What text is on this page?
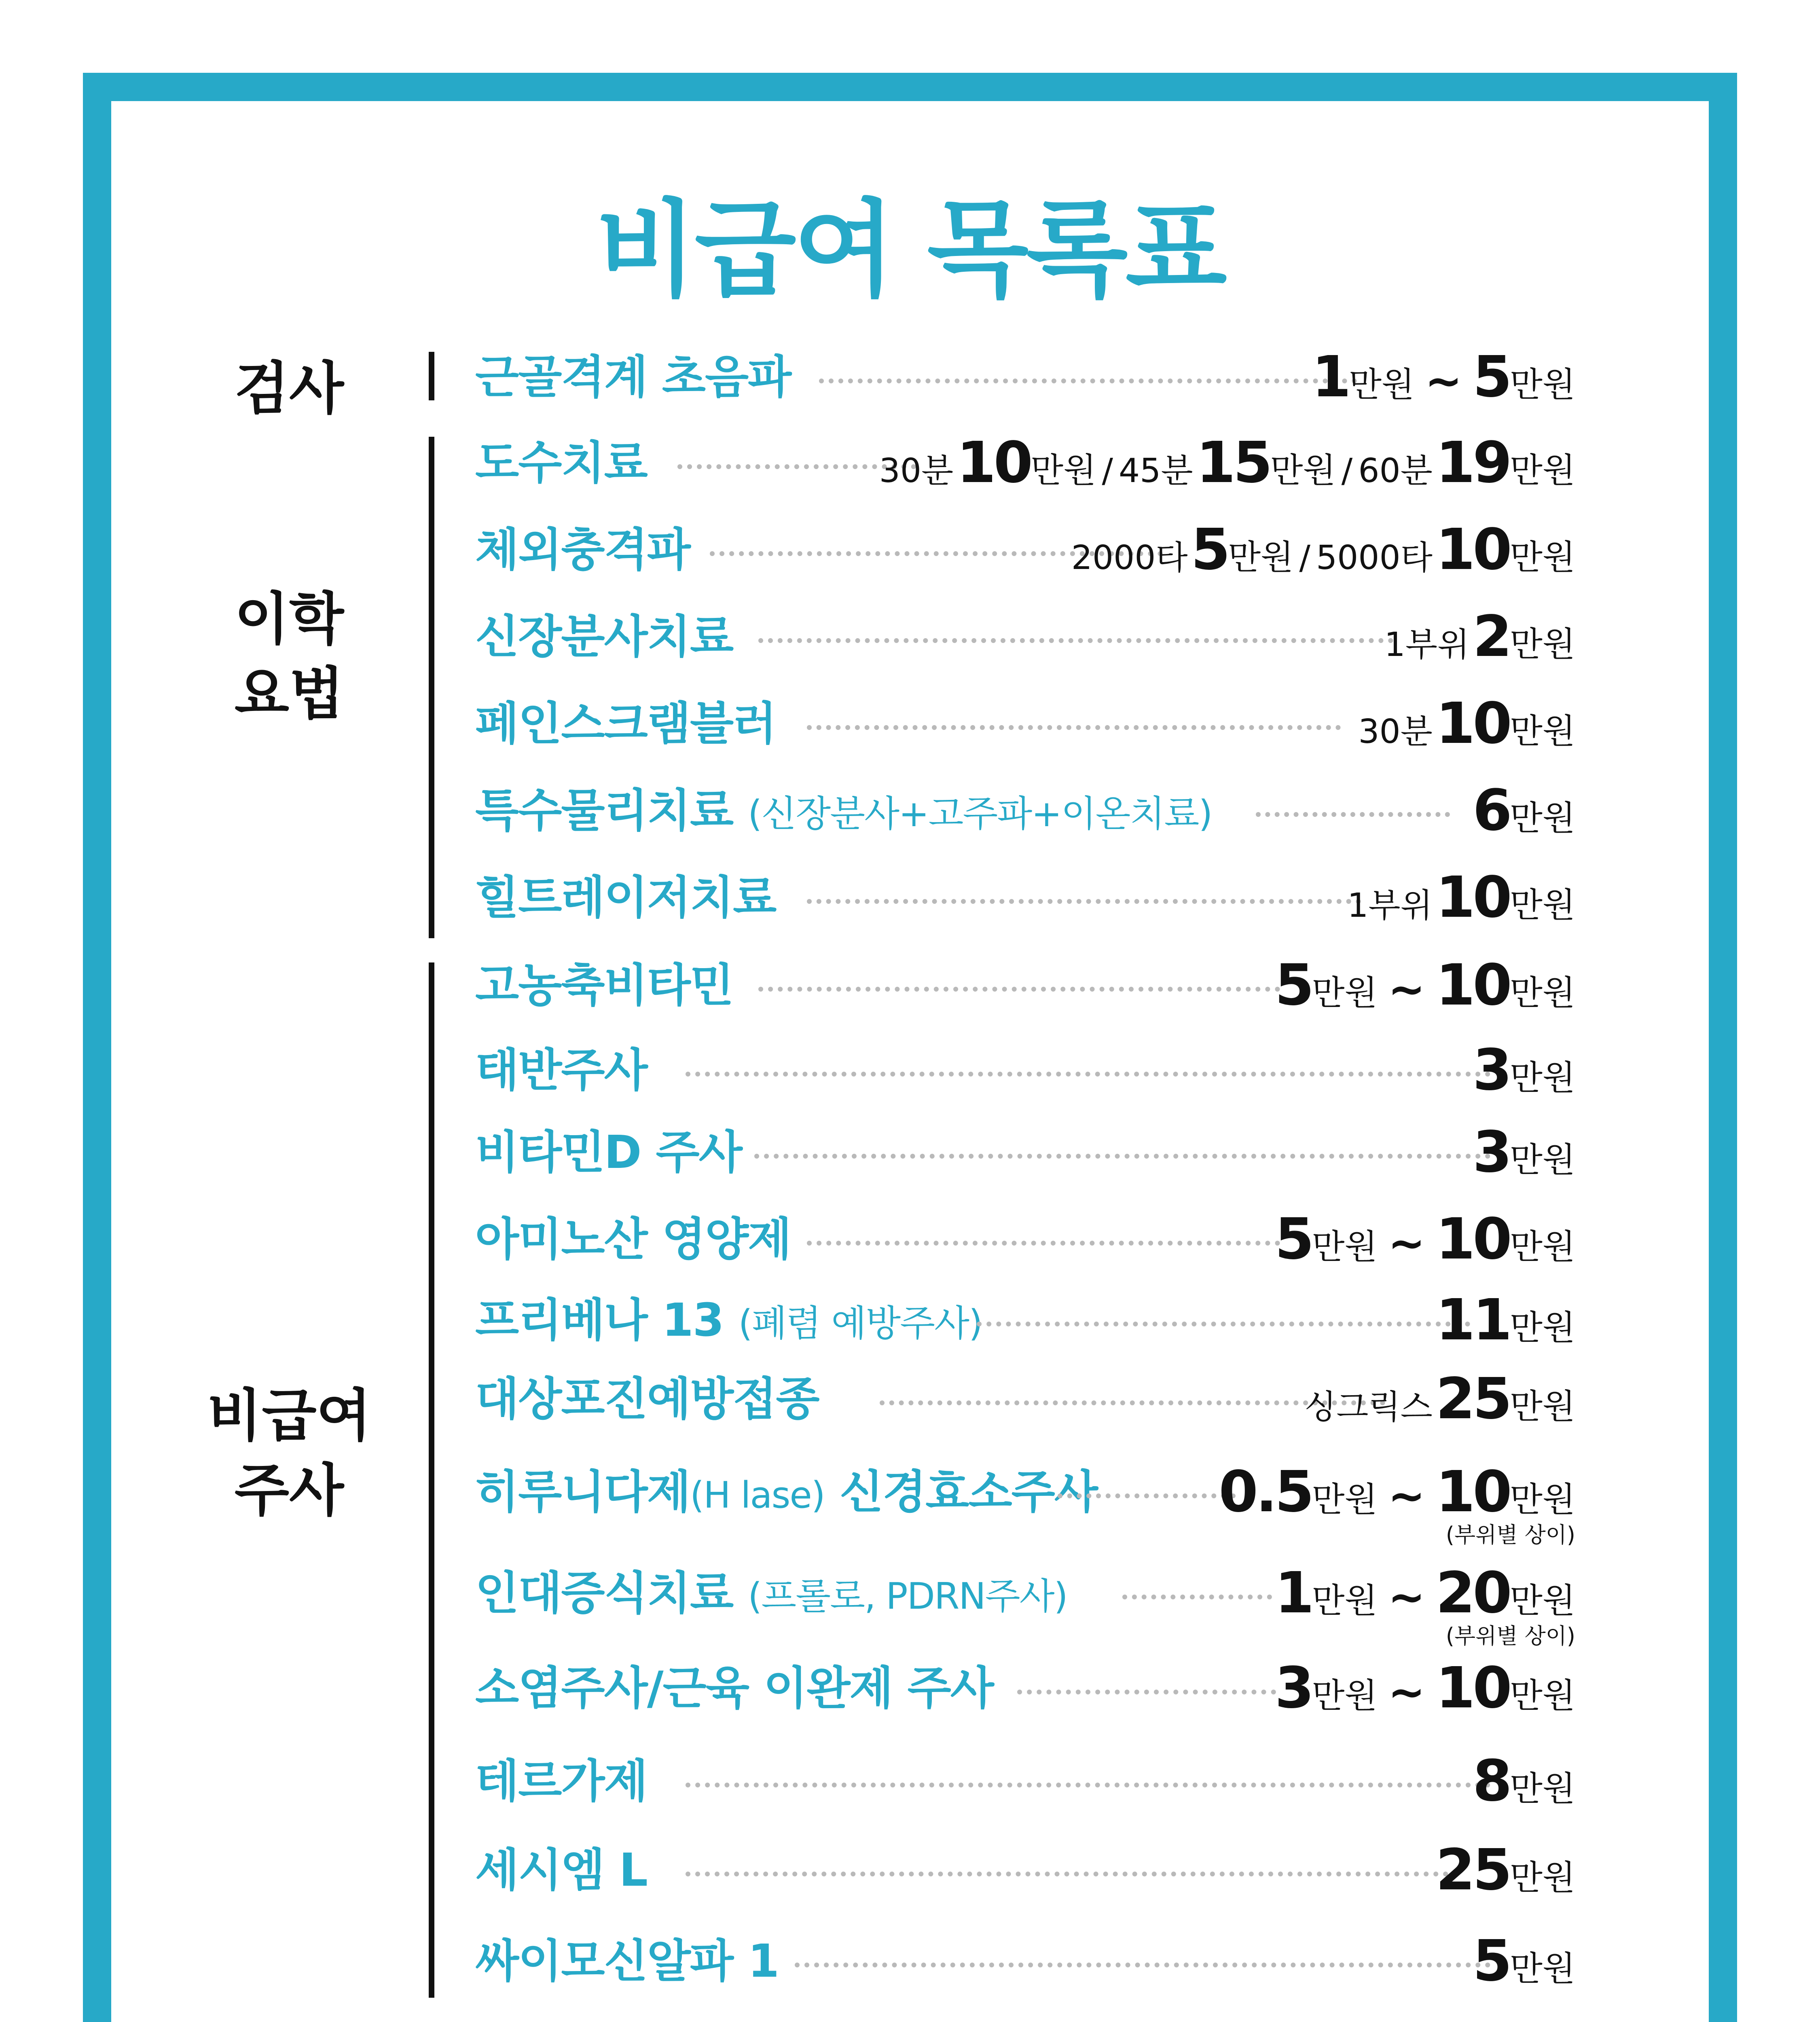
비급여 목록표
검사
이학
요법
비급여
주사
근골격계 초음파	1만원 ~ 5만원
도수치료	30분10만원 / 45분15만원 / 60분19만원
체외충격파	2000타5만원 / 5000타10만원
신장분사치료	1부위2만원
페인스크램블러	30분10만원
특수물리치료 (신장분사+고주파+이온치료)	6만원
힐트레이저치료	1부위10만원
고농축비타민	5만원 ~ 10만원
태반주사	3만원
비타민D 주사	3만원
아미노산 영양제	5만원 ~ 10만원
프리베나 13 (폐렴 예방주사)	11만원
대상포진예방접종	싱그릭스25만원
히루니다제(H lase) 신경효소주사 0.5만원 ~ 10만원
(부위별 상이)
인대증식치료 (프롤로, PDRN주사)	1만원 ~ 20만원
(부위별 상이)
소염주사/근육 이완제 주사	3만원 ~ 10만원
테르가제	8만원
세시엠 L	25만원
싸이모신알파 1	5만원
